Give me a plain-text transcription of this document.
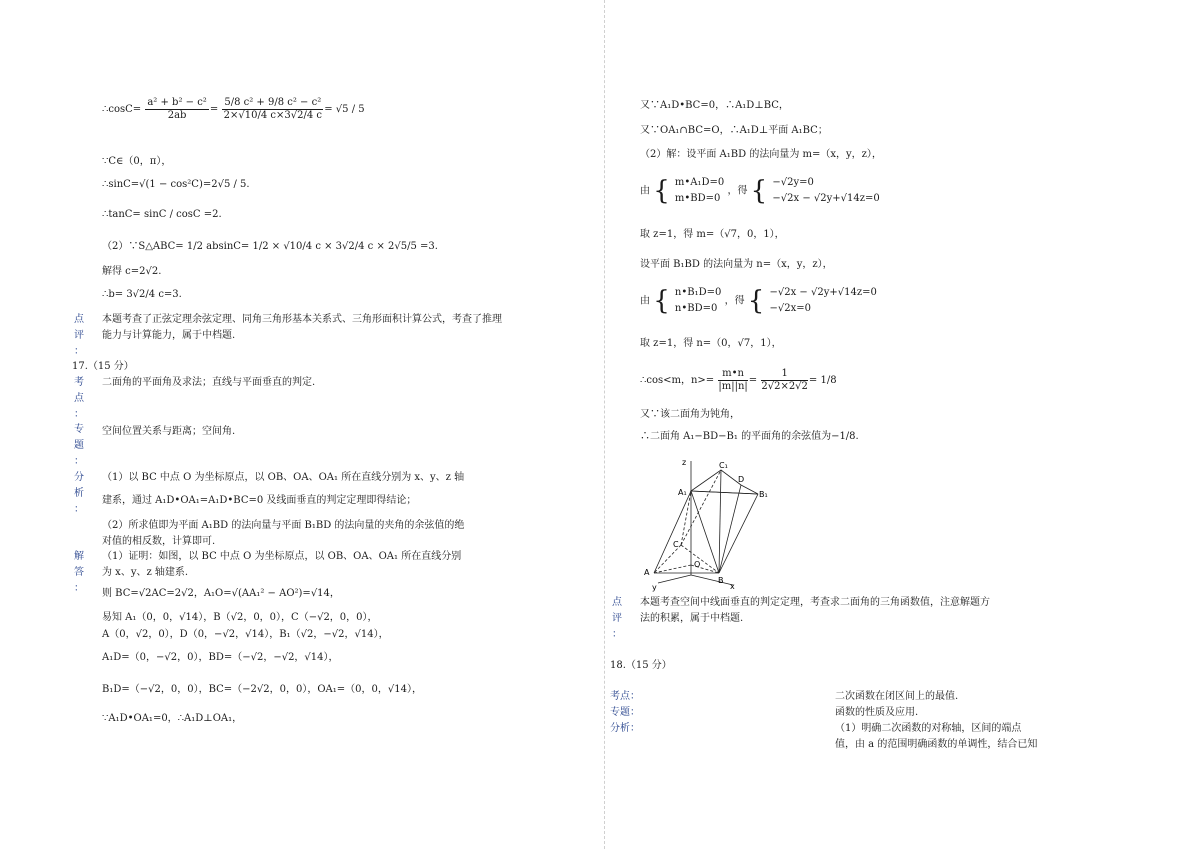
∴cosC= $\frac{\text{a² + b² − c²}}{2ab} = \frac{\text{5/8 c² + 9/8 c² − c²}}{2\times√10/4 c\times 3√2/4 c} = √5 / 5$
∵C∈（0，π），
∴sinC=√(1 − cos²C)=2√5 / 5.
∴tanC= sinC / cosC =2.
（2）∵S△ABC= 1/2 absinC= 1/2 × √10/4 c × 3√2/4 c × 2√5/5 =3.
解得 c=2√2.
∴b= 3√2/4 c=3.
点
评
：
本题考查了正弦定理余弦定理、同角三角形基本关系式、三角形面积计算公式，考查了推理
能力与计算能力，属于中档题.
17.（15 分）
考
点
：
二面角的平面角及求法；直线与平面垂直的判定.
专
题
：
空间位置关系与距离；空间角.
分
析
：
（1）以 BC 中点 O 为坐标原点，以 OB、OA、OA₁ 所在直线分别为 x、y、z 轴
建系，通过 A₁D•OA₁=A₁D•BC=0 及线面垂直的判定定理即得结论；
（2）所求值即为平面 A₁BD 的法向量与平面 B₁BD 的法向量的夹角的余弦值的绝
对值的相反数，计算即可.
解
答
：
（1）证明：如图，以 BC 中点 O 为坐标原点，以 OB、OA、OA₁ 所在直线分别
为 x、y、z 轴建系.
则 BC=√2AC=2√2，A₁O=√(AA₁² − AO²)=√14，
易知 A₁（0，0，√14），B（√2，0，0），C（−√2，0，0），
A（0，√2，0），D（0，−√2，√14），B₁（√2，−√2，√14），
A₁D=（0，−√2，0），BD=（−√2，−√2，√14），
B₁D=（−√2，0，0），BC=（−2√2，0，0），OA₁=（0，0，√14），
∵A₁D•OA₁=0，∴A₁D⊥OA₁，
又∵A₁D•BC=0，∴A₁D⊥BC，
又∵OA₁∩BC=O，∴A₁D⊥平面 A₁BC；
（2）解：设平面 A₁BD 的法向量为 m=（x，y，z），
由 { m•A₁D=0
m•BD=0
，得 { −√2y=0
−√2x − √2y+√14z=0
取 z=1，得 m=（√7，0，1），
设平面 B₁BD 的法向量为 n=（x，y，z），
由 { n•B₁D=0
n•BD=0
，得 { −√2x − √2y+√14z=0
−√2x=0
取 z=1，得 n=（0，√7，1），
∴cos<m，$n>= \frac{m•n}{|m||n|} = \frac{1}{2√2\times 2√2} = 1/8$
又∵该二面角为钝角，
∴二面角 A₁−BD−B₁ 的平面角的余弦值为−1/8.
z	C₁
D
A₁	B₁
C
O
A
B
x
y
点
评
：
本题考查空间中线面垂直的判定定理，考查求二面角的三角函数值，注意解题方
法的积累，属于中档题.
18.（15 分）
考点：
专题：
分析：
二次函数在闭区间上的最值.
函数的性质及应用.
（1）明确二次函数的对称轴，区间的端点
值，由 a 的范围明确函数的单调性，结合已知
